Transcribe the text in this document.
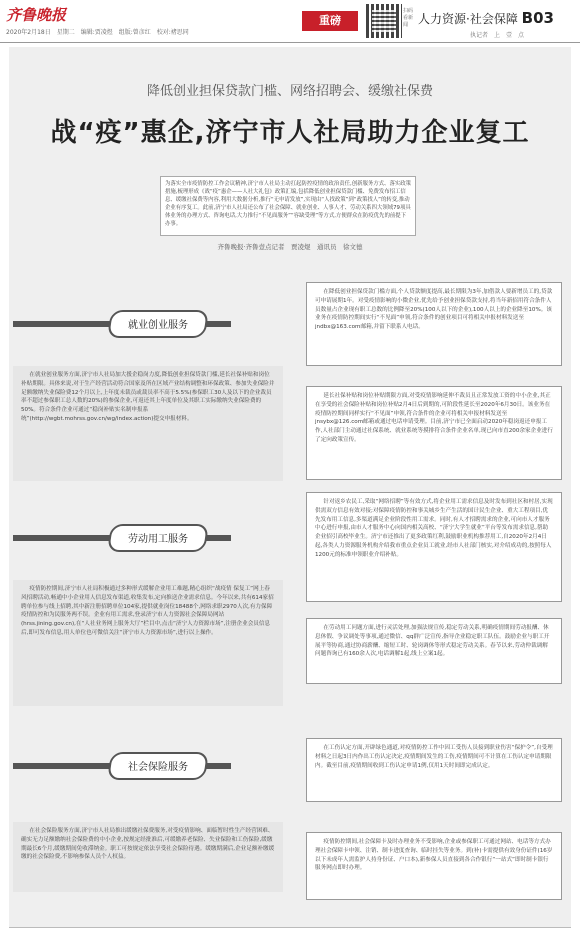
齐鲁晚报
2020年2月18日　星期二　编辑:贾凌煜　组版:曾彦红　校对:褚思同
重磅
扫码看新闻 人力资源·社会保障 B03
执记者　上　壹　点
降低创业担保贷款门槛、网络招聘会、缓缴社保费
战“疫”惠企,济宁市人社局助力企业复工
为落实全市疫情防控工作会议精神,济宁市人社局主动扛起防控疫情的政治责任,创新服务方式、落实政策措施,梳理形成《战“疫”惠企——人社大礼包》政策汇编,包括降低创业担保贷款门槛、免费发布招工信息、缓缴社保费等内容,利用大数据分析,推行“无申请发放”,实现由“人找政策”到“政策找人”的转变,推动企业有序复工。此前,济宁市人社局还公布了社会保障、就业创业、人事人才、劳动关系四大领域79项具体业务的办理方式、咨询电话,大力推行“不见面服务”“容缺受理”等方式,方便群众在防疫优先的前提下办事。
齐鲁晚报·齐鲁壹点记者　贾凌煜　通讯员　徐文德
就业创业服务

在降低创业担保贷款门槛方面,个人贷款额度提高,最长期限为3年,加借款人要新增员工的,贷款可申请展期1年。对受疫情影响的小微企业,优先给予创业担保贷款支持,将当年新招用符合条件人员数量占企业现有职工总数的比例降至20%(100人以下的企业),100人以上的企业降至10%。该业务在疫情防控期间实行“不见面”申领,符合条件的创业项目可将相关申报材料发送至jndbx@163.com邮箱,并留下联系人电话。

在就业创业服务方面,济宁市人社局加大援企稳岗力度,降低创业担保贷款门槛,延长社保补贴和岗位补贴期限。具体来说,对于生产经营活动符合国家及所在区域产业结构调整和环保政策、参加失业保险并足额缴纳失业保险费12个月以上,上年度未裁员或裁员率不高于5.5%(参保职工30人及以下的企业裁员率不超过参保职工总人数的20%)的参保企业,可返还其上年度单位及其职工实际缴纳失业保险费的50%。符合条件企业可通过“稳岗补贴实名制申报系统”(http://wgbt.mohrss.gov.cn/wg/index.action)提交申报材料。

延长社保补贴和岗位补贴期限方面,对受疫情影响延伸不裁员且正常发放工资的中小企业,其正在享受的社会保险补贴和岗位补贴2月4日后到期的,可阶段性延长至2020年6月30日。该业务在疫情防控期间同样实行“不见面”申领,符合条件的企业可将相关申报材料发送至jnsybx@126.com邮箱或通过电话申请受理。目前,济宁市已全面启动2020年稳岗返还申报工作,人社部门主动通过社保系统、就业系统等摸排符合条件企业名单,现已向市直200余家企业进行了定向政策宣传。

劳动用工服务

针对返乡农民工,采取“网络招聘”等有效方式,将企业用工需求信息及时发布到社区和村居,实现供需双方信息有效对接;对保障疫情防控和事关城乡生产生活的国计民生企业、重大工程项目,优先发布用工信息,多渠道满足企业阶段性用工需求。同时,有人才招聘需求的企业,可向市人才服务中心进行申报,由市人才服务中心向国内相关高校、“济宁大学生就业”平台等发布需求信息,帮助企业招引高校毕业生。济宁市还推出了更多政策红利,鼓励职业机构推荐用工,自2020年2月4日起,各类人力资源服务机构介绍我市重点企业员工就业,经市人社部门核实,对介绍成功的,按照每人1200元的标准申领职业介绍补贴。

疫情防控期间,济宁市人社局积极通过多种形式缓解企业用工难题,精心组织“战疫情 保复工”网上春风招聘活动,畅通中小企业用人信息发布渠道,收集发布,定向推送企业需求信息。今年以来,共有614家招聘单位参与线上招聘,其中新注册招聘单位104家,提供就业岗位18488个,网络求职2970人次,有力保障疫情防控和为民服务两不误。企业有用工需求,登录济宁市人力资源社会保障局网站(hrss.jining.gov.cn),在“人社业务网上服务大厅”栏目中,点击“济宁人力资源市场”,注册企业会员信息后,即可发布信息,用人单位也可微信关注“济宁市人力资源市场”,进行以上操作。

在劳动用工问题方面,进行灵活处理,加强法规宣传,稳定劳动关系,明确疫情期间劳动报酬、休息休假、争议调处等事项,通过微信、qq群广泛宣传,指导企业稳定职工队伍。鼓励企业与职工开展平等协商,通过协商薪酬、缩短工时、轮岗调休等形式稳定劳动关系。春节以来,劳动仲裁调解问题咨询已有160余人次,电话调解1起,线上立案1起。

社会保险服务

在工伤认定方面,开辟绿色通道,对疫情防控工作中因工受伤人员接到职业伤害“保护令”,自受理材料之日起3日内作出工伤认定决定,疫情期间发生的工伤,疫情期间可不计算在工伤认定申请期限内。截至目前,疫情期间收到工伤认定申请1例,仅用1天时间即完成认定。

在社会保险服务方面,济宁市人社局推出缓缴社保费服务,对受疫情影响、面临暂时性生产经营困难、确实无力足额缴纳社会保险费的中小企业,按规定经批准后,可缓缴养老保险、失业保险和工伤保险,缓缴期最长6个月,缓缴期间免收滞纳金。职工可按规定依法享受社会保险待遇。缓缴期满后,企业足额补缴缓缴的社会保险费,不影响参保人员个人权益。

疫情防控期间,社会保障卡及时办理业务不受影响,企业或参保职工可通过网站、电话等方式办理社会保障卡申领、注销、制卡进度查询、临时挂失等业务。到(补)卡需提供有效身份证件(16岁以下未成年人需监护人持身份证、户口本),新参保人员直接到各合作银行“一站式”即时制卡银行服务网点即时办理。
